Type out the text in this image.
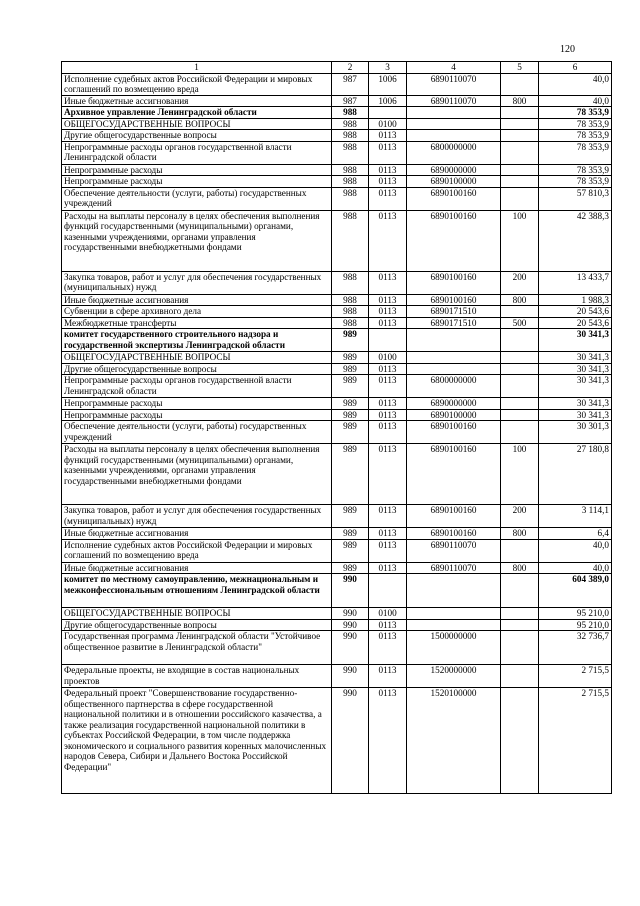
120
1	2	3	4	5	6
Исполнение судебных актов Российской Федерации и мировых соглашений по возмещению вреда	987	1006	6890110070		40,0
Иные бюджетные ассигнования	987	1006	6890110070	800	40,0
Архивное управление Ленинградской области	988				78 353,9
ОБЩЕГОСУДАРСТВЕННЫЕ ВОПРОСЫ	988	0100			78 353,9
Другие общегосударственные вопросы	988	0113			78 353,9
Непрограммные расходы органов государственной власти Ленинградской области	988	0113	6800000000		78 353,9
Непрограммные расходы	988	0113	6890000000		78 353,9
Непрограммные расходы	988	0113	6890100000		78 353,9
Обеспечение деятельности (услуги, работы) государственных учреждений	988	0113	6890100160		57 810,3
Расходы на выплаты персоналу в целях обеспечения выполнения функций государственными (муниципальными) органами, казенными учреждениями, органами управления государственными внебюджетными фондами	988	0113	6890100160	100	42 388,3
Закупка товаров, работ и услуг для обеспечения государственных (муниципальных) нужд	988	0113	6890100160	200	13 433,7
Иные бюджетные ассигнования	988	0113	6890100160	800	1 988,3
Субвенции в сфере архивного дела	988	0113	6890171510		20 543,6
Межбюджетные трансферты	988	0113	6890171510	500	20 543,6
комитет государственного строительного надзора и государственной экспертизы Ленинградской области	989				30 341,3
ОБЩЕГОСУДАРСТВЕННЫЕ ВОПРОСЫ	989	0100			30 341,3
Другие общегосударственные вопросы	989	0113			30 341,3
Непрограммные расходы органов государственной власти Ленинградской области	989	0113	6800000000		30 341,3
Непрограммные расходы	989	0113	6890000000		30 341,3
Непрограммные расходы	989	0113	6890100000		30 341,3
Обеспечение деятельности (услуги, работы) государственных учреждений	989	0113	6890100160		30 301,3
Расходы на выплаты персоналу в целях обеспечения выполнения функций государственными (муниципальными) органами, казенными учреждениями, органами управления государственными внебюджетными фондами	989	0113	6890100160	100	27 180,8
Закупка товаров, работ и услуг для обеспечения государственных (муниципальных) нужд	989	0113	6890100160	200	3 114,1
Иные бюджетные ассигнования	989	0113	6890100160	800	6,4
Исполнение судебных актов Российской Федерации и мировых соглашений по возмещению вреда	989	0113	6890110070		40,0
Иные бюджетные ассигнования	989	0113	6890110070	800	40,0
комитет по местному самоуправлению, межнациональным и межконфессиональным отношениям Ленинградской области	990				604 389,0
ОБЩЕГОСУДАРСТВЕННЫЕ ВОПРОСЫ	990	0100			95 210,0
Другие общегосударственные вопросы	990	0113			95 210,0
Государственная программа Ленинградской области "Устойчивое общественное развитие в Ленинградской области"	990	0113	1500000000		32 736,7
Федеральные проекты, не входящие в состав национальных проектов	990	0113	1520000000		2 715,5
Федеральный проект "Совершенствование государственно-общественного партнерства в сфере государственной национальной политики и в отношении российского казачества, а также реализация государственной национальной политики в субъектах Российской Федерации, в том числе поддержка экономического и социального развития коренных малочисленных народов Севера, Сибири и Дальнего Востока Российской Федерации"	990	0113	1520100000		2 715,5
